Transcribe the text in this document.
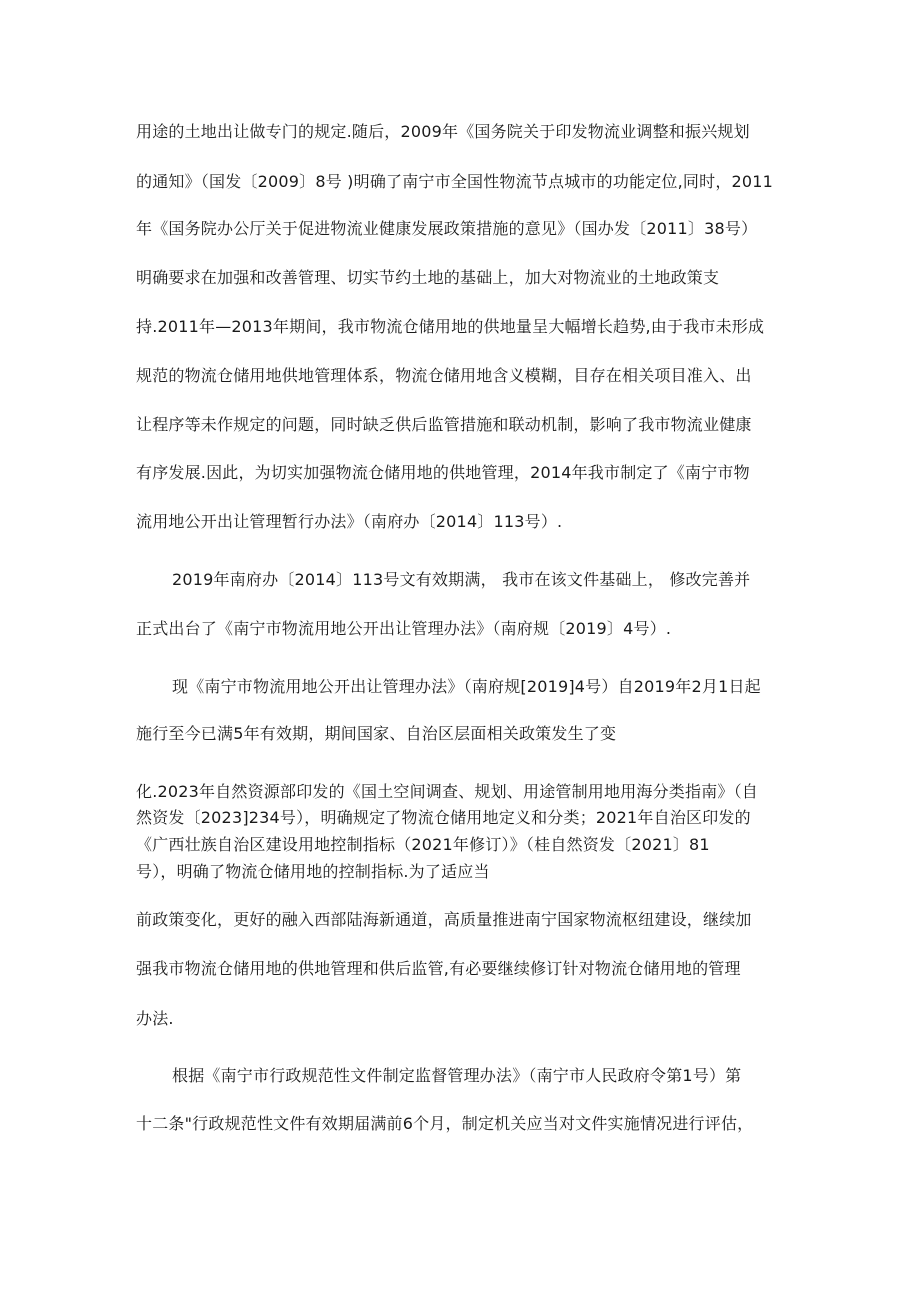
用途的土地出让做专门的规定.随后，2009年《国务院关于印发物流业调整和振兴规划
的通知》（国发〔2009〕8号 )明确了南宁市全国性物流节点城市的功能定位,同时，2011
年《国务院办公厅关于促进物流业健康发展政策措施的意见》（国办发〔2011〕38号）
明确要求在加强和改善管理、切实节约土地的基础上，加大对物流业的土地政策支
持.2011年—2013年期间，我市物流仓储用地的供地量呈大幅增长趋势,由于我市未形成
规范的物流仓储用地供地管理体系，物流仓储用地含义模糊，目存在相关项目准入、出
让程序等未作规定的问题，同时缺乏供后监管措施和联动机制，影响了我市物流业健康
有序发展.因此，为切实加强物流仓储用地的供地管理，2014年我市制定了《南宁市物
流用地公开出让管理暂行办法》（南府办〔2014〕113号）.
2019年南府办〔2014〕113号文有效期满， 我市在该文件基础上， 修改完善并
正式出台了《南宁市物流用地公开出让管理办法》（南府规〔2019〕4号）.
现《南宁市物流用地公开出让管理办法》（南府规[2019]4号）自2019年2月1日起
施行至今已满5年有效期，期间国家、自治区层面相关政策发生了变
化.2023年自然资源部印发的《国土空间调查、规划、用途管制用地用海分类指南》（自
然资发〔2023]234号），明确规定了物流仓储用地定义和分类；2021年自治区印发的
《广西壮族自治区建设用地控制指标（2021年修订）》（桂自然资发〔2021〕81
号），明确了物流仓储用地的控制指标.为了适应当
前政策变化，更好的融入西部陆海新通道，高质量推进南宁国家物流枢纽建设，继续加
强我市物流仓储用地的供地管理和供后监管,有必要继续修订针对物流仓储用地的管理
办法.
根据《南宁市行政规范性文件制定监督管理办法》（南宁市人民政府令第1号）第
十二条"行政规范性文件有效期届满前6个月，制定机关应当对文件实施情况进行评估，
